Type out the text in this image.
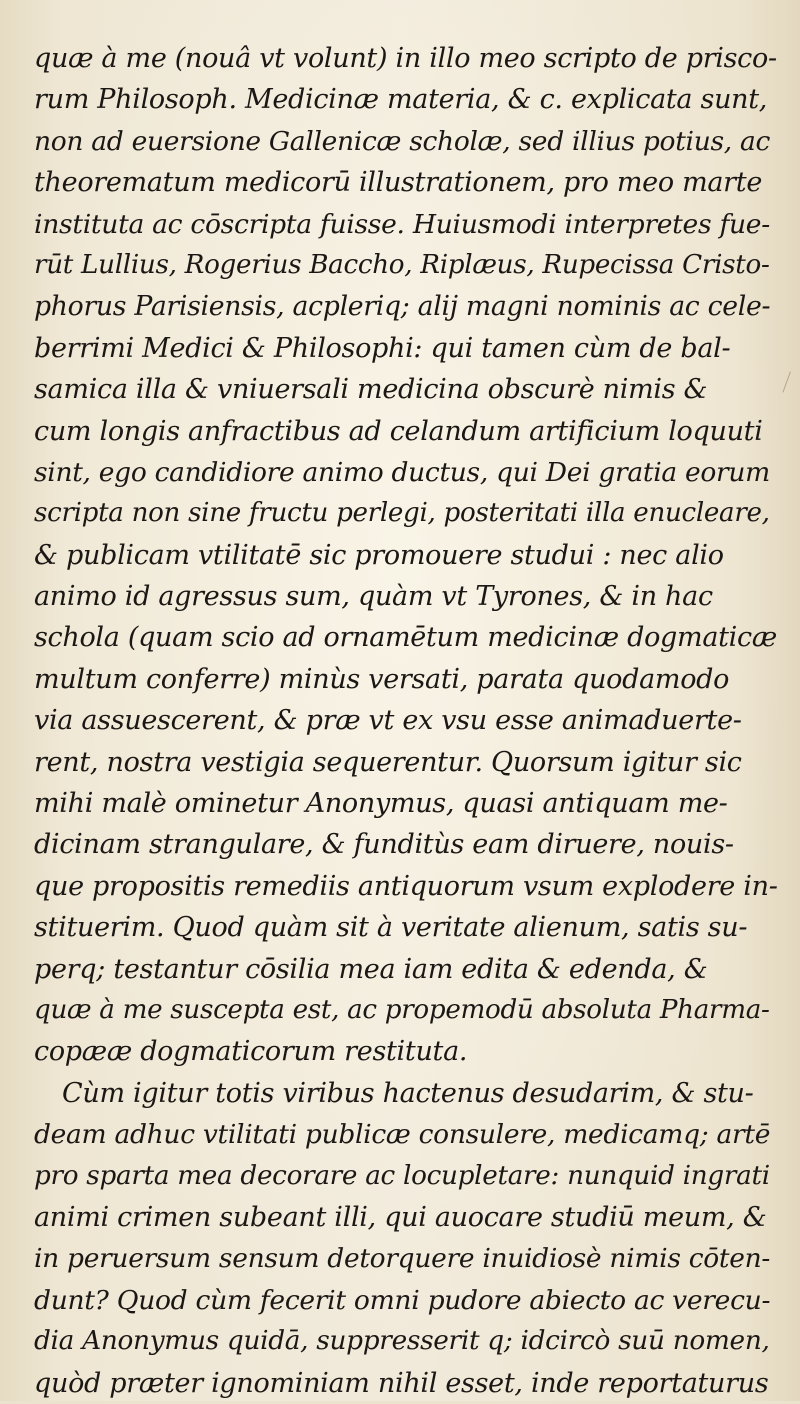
quæ à me (nouâ vt volunt) in illo meo scripto de prisco-
rum Philosoph. Medicinæ materia, & c. explicata sunt,
non ad euersione Gallenicæ scholæ, sed illius potius, ac
theorematum medicorū illustrationem, pro meo marte
instituta ac cōscripta fuisse. Huiusmodi interpretes fue-
rūt Lullius, Rogerius Baccho, Riplæus, Rupecissa Cristo-
phorus Parisiensis, acpleriq; alij magni nominis ac cele-
berrimi Medici & Philosophi: qui tamen cùm de bal-
samica illa & vniuersali medicina obscurè nimis &
cum longis anfractibus ad celandum artificium loquuti
sint, ego candidiore animo ductus, qui Dei gratia eorum
scripta non sine fructu perlegi, posteritati illa enucleare,
& publicam vtilitatē sic promouere studui : nec alio
animo id agressus sum, quàm vt Tyrones, & in hac
schola (quam scio ad ornamētum medicinæ dogmaticæ
multum conferre) minùs versati, parata quodamodo
via assuescerent, & præ vt ex vsu esse animaduerte-
rent, nostra vestigia sequerentur. Quorsum igitur sic
mihi malè ominetur Anonymus, quasi antiquam me-
dicinam strangulare, & funditùs eam diruere, nouis-
que propositis remediis antiquorum vsum explodere in-
stituerim. Quod quàm sit à veritate alienum, satis su-
perq; testantur cōsilia mea iam edita & edenda, &
quæ à me suscepta est, ac propemodū absoluta Pharma-
copææ dogmaticorum restituta.
Cùm igitur totis viribus hactenus desudarim, & stu-
deam adhuc vtilitati publicæ consulere, medicamq; artē
pro sparta mea decorare ac locupletare: nunquid ingrati
animi crimen subeant illi, qui auocare studiū meum, &
in peruersum sensum detorquere inuidiosè nimis cōten-
dunt? Quod cùm fecerit omni pudore abiecto ac verecu-
dia Anonymus quidā, suppresserit q; idcircò suū nomen,
quòd præter ignominiam nihil esset, inde reportaturus
